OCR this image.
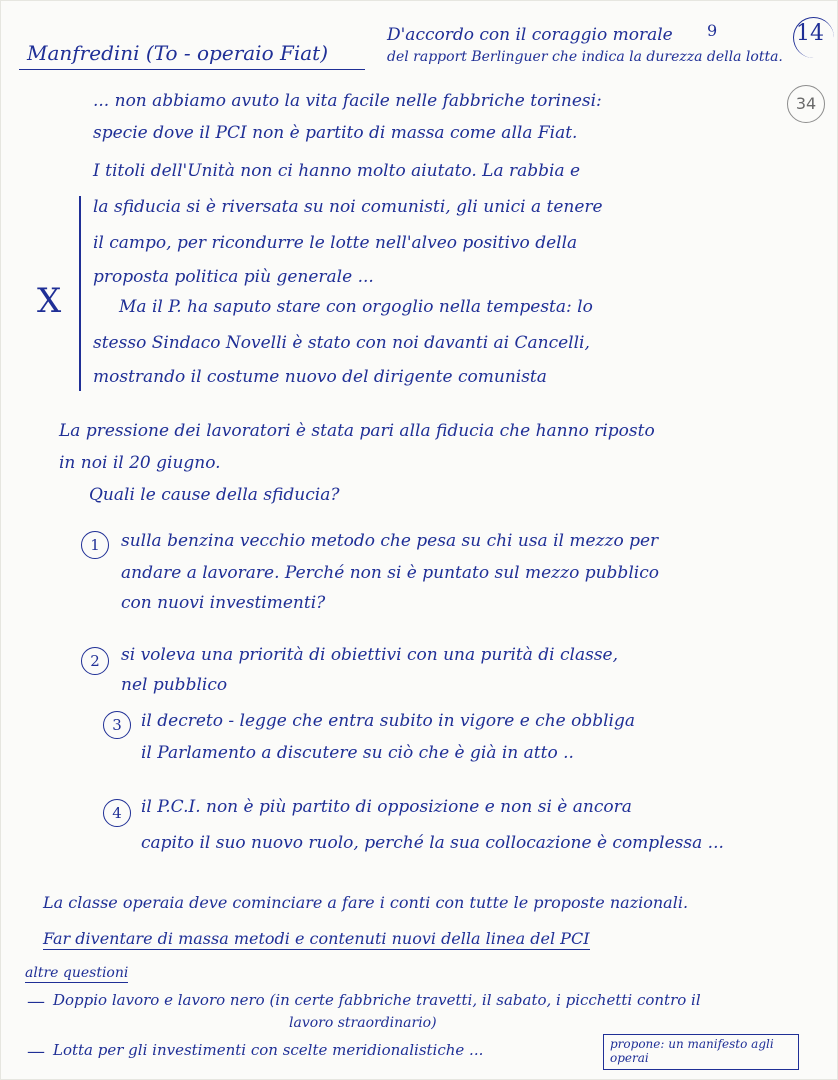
14
34
Manfredini (To - operaio Fiat)
D'accordo con il coraggio morale 9
del rapport Berlinguer che indica la durezza della lotta.
... non abbiamo avuto la vita facile nelle fabbriche torinesi:
specie dove il PCI non è partito di massa come alla Fiat.
I titoli dell'Unità non ci hanno molto aiutato. La rabbia e
la sfiducia si è riversata su noi comunisti, gli unici a tenere
il campo, per ricondurre le lotte nell'alveo positivo della
proposta politica più generale ...
Ma il P. ha saputo stare con orgoglio nella tempesta: lo
stesso Sindaco Novelli è stato con noi davanti ai Cancelli,
mostrando il costume nuovo del dirigente comunista
X
La pressione dei lavoratori è stata pari alla fiducia che hanno riposto
in noi il 20 giugno.
Quali le cause della sfiducia?
1	sulla benzina vecchio metodo che pesa su chi usa il mezzo per
andare a lavorare. Perché non si è puntato sul mezzo pubblico
con nuovi investimenti?
2	si voleva una priorità di obiettivi con una purità di classe,
nel pubblico
3	il decreto - legge che entra subito in vigore e che obbliga
il Parlamento a discutere su ciò che è già in atto ..
4	il P.C.I. non è più partito di opposizione e non si è ancora
capito il suo nuovo ruolo, perché la sua collocazione è complessa ...
La classe operaia deve cominciare a fare i conti con tutte le proposte nazionali.
Far diventare di massa metodi e contenuti nuovi della linea del PCI
altre questioni
— Doppio lavoro e lavoro nero (in certe fabbriche travetti, il sabato, i picchetti contro il
lavoro straordinario)
— Lotta per gli investimenti con scelte meridionalistiche ...	propone: un manifesto agli operai
